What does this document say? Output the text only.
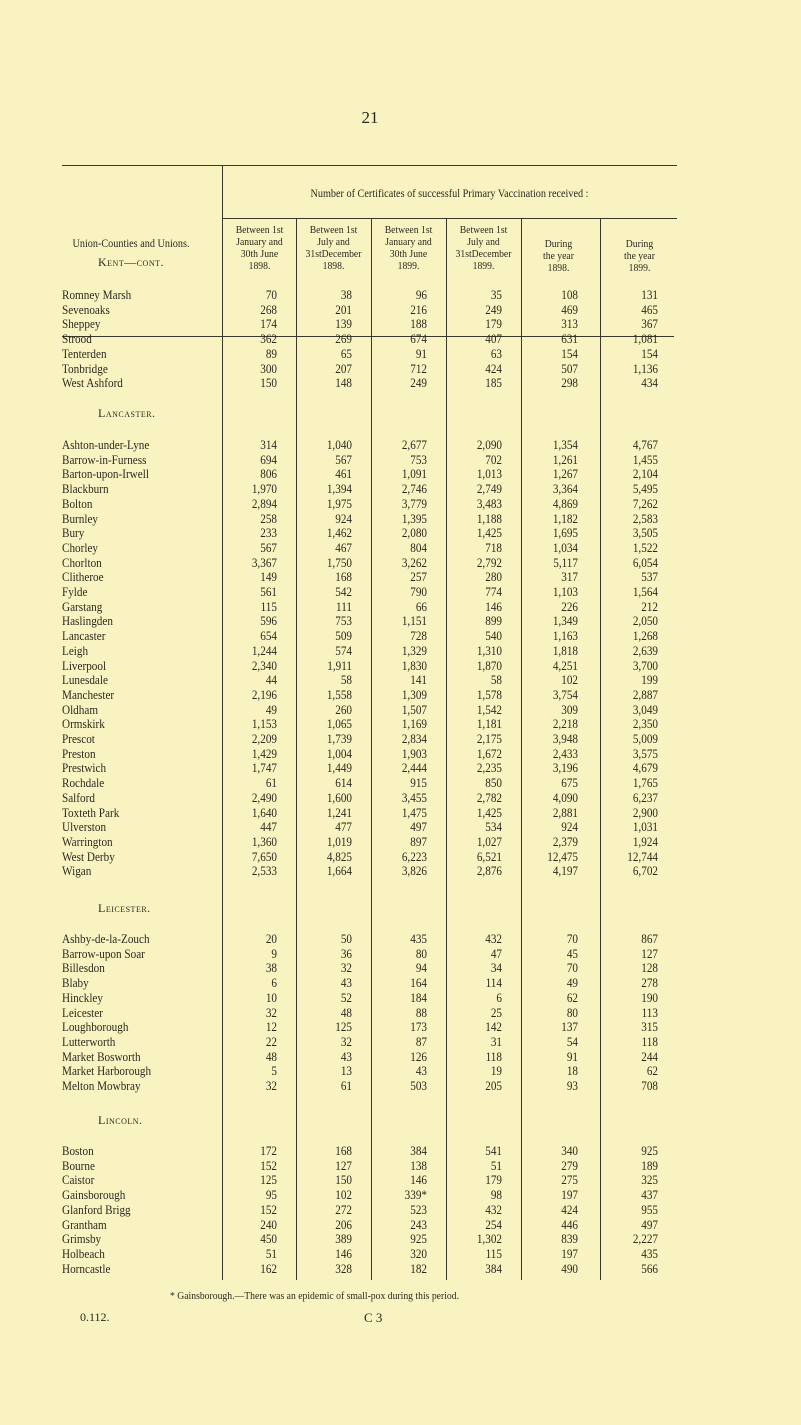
21
Number of Certificates of successful Primary Vaccination received :
Union-Counties and Unions.
* Gainsborough.—There was an epidemic of small-pox during this period.
0.112.	C 3
Between 1st
January and
30th June
1898.
Between 1st
July and
31stDecember
1898.
Between 1st
January and
30th June
1899.
Between 1st
July and
31stDecember
1899.
During
the year
1898.
During
the year
1899.
Kent—cont.
Romney Marsh
	70	38	96	35	108	131
Sevenoaks
	268	201	216	249	469	465
Sheppey
	174	139	188	179	313	367
Strood
	362	269	674	407	631	1,081
Tenterden
	89	65	91	63	154	154
Tonbridge
	300	207	712	424	507	1,136
West Ashford
	150	148	249	185	298	434
Lancaster.
Ashton-under-Lyne
	314	1,040	2,677	2,090	1,354	4,767
Barrow-in-Furness
	694	567	753	702	1,261	1,455
Barton-upon-Irwell
	806	461	1,091	1,013	1,267	2,104
Blackburn
	1,970	1,394	2,746	2,749	3,364	5,495
Bolton
	2,894	1,975	3,779	3,483	4,869	7,262
Burnley
	258	924	1,395	1,188	1,182	2,583
Bury
	233	1,462	2,080	1,425	1,695	3,505
Chorley
	567	467	804	718	1,034	1,522
Chorlton
	3,367	1,750	3,262	2,792	5,117	6,054
Clitheroe
	149	168	257	280	317	537
Fylde
	561	542	790	774	1,103	1,564
Garstang
	115	111	66	146	226	212
Haslingden
	596	753	1,151	899	1,349	2,050
Lancaster
	654	509	728	540	1,163	1,268
Leigh
	1,244	574	1,329	1,310	1,818	2,639
Liverpool
	2,340	1,911	1,830	1,870	4,251	3,700
Lunesdale
	44	58	141	58	102	199
Manchester
	2,196	1,558	1,309	1,578	3,754	2,887
Oldham
	49	260	1,507	1,542	309	3,049
Ormskirk
	1,153	1,065	1,169	1,181	2,218	2,350
Prescot
	2,209	1,739	2,834	2,175	3,948	5,009
Preston
	1,429	1,004	1,903	1,672	2,433	3,575
Prestwich
	1,747	1,449	2,444	2,235	3,196	4,679
Rochdale
	61	614	915	850	675	1,765
Salford
	2,490	1,600	3,455	2,782	4,090	6,237
Toxteth Park
	1,640	1,241	1,475	1,425	2,881	2,900
Ulverston
	447	477	497	534	924	1,031
Warrington
	1,360	1,019	897	1,027	2,379	1,924
West Derby
	7,650	4,825	6,223	6,521	12,475	12,744
Wigan
	2,533	1,664	3,826	2,876	4,197	6,702
Leicester.
Ashby-de-la-Zouch
	20	50	435	432	70	867
Barrow-upon Soar
	9	36	80	47	45	127
Billesdon
	38	32	94	34	70	128
Blaby
	6	43	164	114	49	278
Hinckley
	10	52	184	6	62	190
Leicester
	32	48	88	25	80	113
Loughborough
	12	125	173	142	137	315
Lutterworth
	22	32	87	31	54	118
Market Bosworth
	48	43	126	118	91	244
Market Harborough
	5	13	43	19	18	62
Melton Mowbray
	32	61	503	205	93	708
Lincoln.
Boston
	172	168	384	541	340	925
Bourne
	152	127	138	51	279	189
Caistor
	125	150	146	179	275	325
Gainsborough
	95	102	339*	98	197	437
Glanford Brigg
	152	272	523	432	424	955
Grantham
	240	206	243	254	446	497
Grimsby
	450	389	925	1,302	839	2,227
Holbeach
	51	146	320	115	197	435
Horncastle
	162	328	182	384	490	566
